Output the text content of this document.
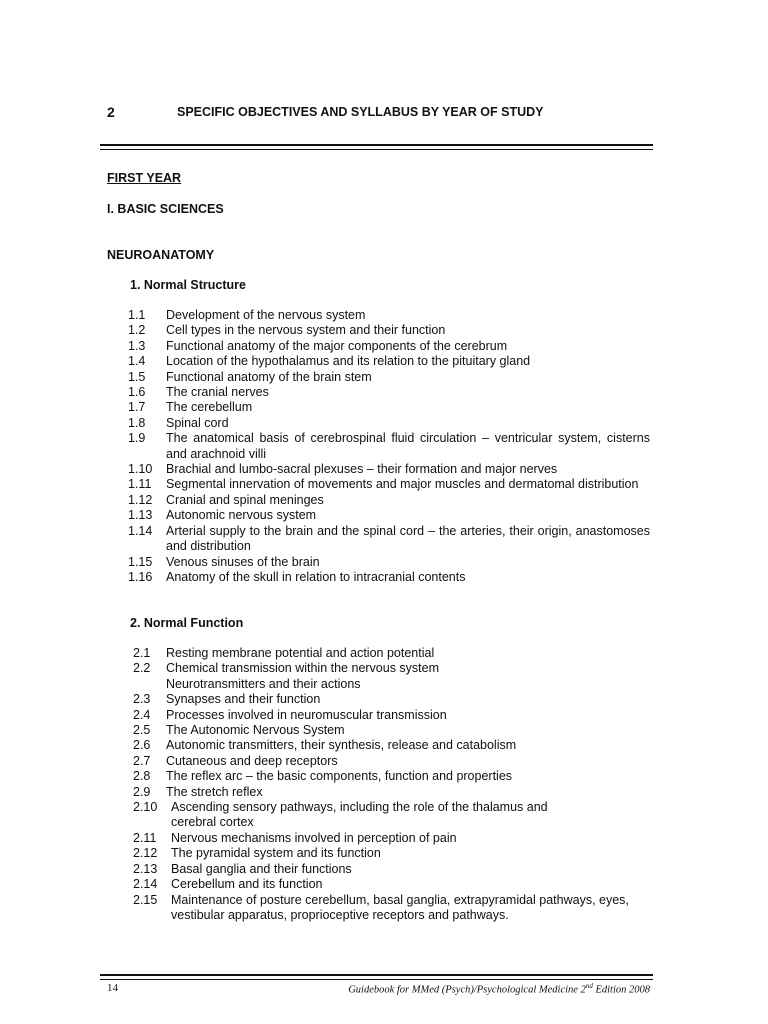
2	SPECIFIC OBJECTIVES AND SYLLABUS BY YEAR OF STUDY
FIRST YEAR
I. BASIC SCIENCES
NEUROANATOMY
1. Normal Structure
1.1	Development of the nervous system
1.2	Cell types in the nervous system and their function
1.3	Functional anatomy of the major components of the cerebrum
1.4	Location of the hypothalamus and its relation to the pituitary gland
1.5	Functional anatomy of the brain stem
1.6	The cranial nerves
1.7	The cerebellum
1.8	Spinal cord
1.9	The anatomical basis of cerebrospinal fluid circulation – ventricular system, cisterns and arachnoid villi
1.10	Brachial and lumbo-sacral plexuses – their formation and major nerves
1.11	Segmental innervation of movements and major muscles and dermatomal distribution
1.12	Cranial and spinal meninges
1.13	Autonomic nervous system
1.14	Arterial supply to the brain and the spinal cord – the arteries, their origin, anastomoses and distribution
1.15	Venous sinuses of the brain
1.16	Anatomy of the skull in relation to intracranial contents
2. Normal Function
2.1	Resting membrane potential and action potential
2.2	Chemical transmission within the nervous system Neurotransmitters and their actions
2.3	Synapses and their function
2.4	Processes involved in neuromuscular transmission
2.5	The Autonomic Nervous System
2.6	Autonomic transmitters, their synthesis, release and catabolism
2.7	Cutaneous and deep receptors
2.8	The reflex arc – the basic components, function and properties
2.9	The stretch reflex
2.10	Ascending sensory pathways, including the role of the thalamus and cerebral cortex
2.11	Nervous mechanisms involved in perception of pain
2.12	The pyramidal system and its function
2.13	Basal ganglia and their functions
2.14	Cerebellum and its function
2.15	Maintenance of posture cerebellum, basal ganglia, extrapyramidal pathways, eyes, vestibular apparatus, proprioceptive receptors and pathways.
14	Guidebook for MMed (Psych)/Psychological Medicine 2nd Edition 2008
